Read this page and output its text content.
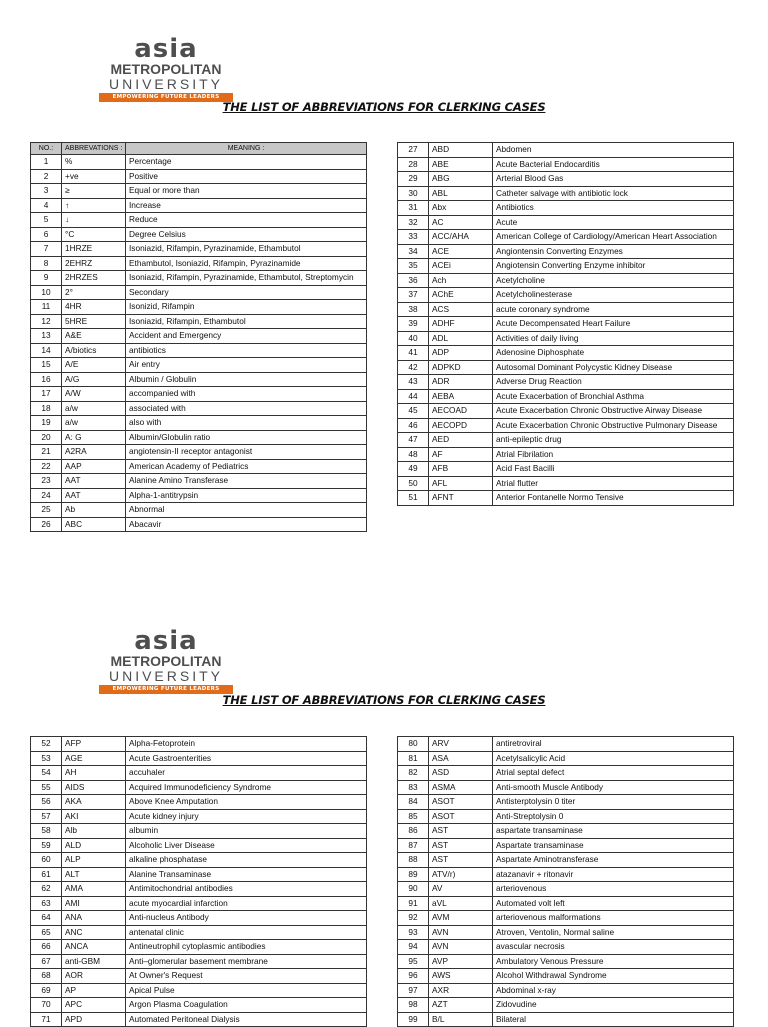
asia
METROPOLITAN
UNIVERSITY
EMPOWERING FUTURE LEADERS
THE LIST OF ABBREVIATIONS FOR CLERKING CASES
NO.:	ABBREVATIONS :	MEANING :
1	%	Percentage
2	+ve	Positive
3	≥	Equal or more than
4	↑	Increase
5	↓	Reduce
6	°C	Degree Celsius
7	1HRZE	Isoniazid, Rifampin, Pyrazinamide, Ethambutol
8	2EHRZ	Ethambutol, Isoniazid, Rifampin, Pyrazinamide
9	2HRZES	Isoniazid, Rifampin, Pyrazinamide, Ethambutol, Streptomycin
10	2°	Secondary
11	4HR	Isonizid, Rifampin
12	5HRE	Isoniazid, Rifampin, Ethambutol
13	A&E	Accident and Emergency
14	A/biotics	antibiotics
15	A/E	Air entry
16	A/G	Albumin / Globulin
17	A/W	accompanied with
18	a/w	associated with
19	a/w	also with
20	A: G	Albumin/Globulin ratio
21	A2RA	angiotensin-II receptor antagonist
22	AAP	American Academy of Pediatrics
23	AAT	Alanine Amino Transferase
24	AAT	Alpha-1-antitrypsin
25	Ab	Abnormal
26	ABC	Abacavir
27	ABD	Abdomen
28	ABE	Acute Bacterial Endocarditis
29	ABG	Arterial Blood Gas
30	ABL	Catheter salvage with antibiotic lock
31	Abx	Antibiotics
32	AC	Acute
33	ACC/AHA	American College of Cardiology/American Heart Association
34	ACE	Angiontensin Converting Enzymes
35	ACEi	Angiotensin Converting Enzyme inhibitor
36	Ach	Acetylcholine
37	AChE	Acetylcholinesterase
38	ACS	acute coronary syndrome
39	ADHF	Acute Decompensated Heart Failure
40	ADL	Activities of daily living
41	ADP	Adenosine Diphosphate
42	ADPKD	Autosomal Dominant Polycystic Kidney Disease
43	ADR	Adverse Drug Reaction
44	AEBA	Acute Exacerbation of Bronchial Asthma
45	AECOAD	Acute Exacerbation Chronic Obstructive Airway Disease
46	AECOPD	Acute Exacerbation Chronic Obstructive Pulmonary Disease
47	AED	anti-epileptic drug
48	AF	Atrial Fibrilation
49	AFB	Acid Fast Bacilli
50	AFL	Atrial flutter
51	AFNT	Anterior Fontanelle Normo Tensive
asia
METROPOLITAN
UNIVERSITY
EMPOWERING FUTURE LEADERS
THE LIST OF ABBREVIATIONS FOR CLERKING CASES
52	AFP	Alpha-Fetoprotein
53	AGE	Acute Gastroenterities
54	AH	accuhaler
55	AIDS	Acquired Immunodeficiency Syndrome
56	AKA	Above Knee Amputation
57	AKI	Acute kidney injury
58	Alb	albumin
59	ALD	Alcoholic Liver Disease
60	ALP	alkaline phosphatase
61	ALT	Alanine Transaminase
62	AMA	Antimitochondrial antibodies
63	AMI	acute myocardial infarction
64	ANA	Anti-nucleus Antibody
65	ANC	antenatal clinic
66	ANCA	Antineutrophil cytoplasmic antibodies
67	anti-GBM	Anti–glomerular basement membrane
68	AOR	At Owner's Request
69	AP	Apical Pulse
70	APC	Argon Plasma Coagulation
71	APD	Automated Peritoneal Dialysis
80	ARV	antiretroviral
81	ASA	Acetylsalicylic Acid
82	ASD	Atrial septal defect
83	ASMA	Anti-smooth Muscle Antibody
84	ASOT	Antisterptolysin 0 titer
85	ASOT	Anti-Streptolysin 0
86	AST	aspartate transaminase
87	AST	Aspartate transaminase
88	AST	Aspartate Aminotransferase
89	ATV/r)	atazanavir + ritonavir
90	AV	arteriovenous
91	aVL	Automated volt left
92	AVM	arteriovenous malformations
93	AVN	Atroven, Ventolin, Normal saline
94	AVN	avascular necrosis
95	AVP	Ambulatory Venous Pressure
96	AWS	Alcohol Withdrawal Syndrome
97	AXR	Abdominal x-ray
98	AZT	Zidovudine
99	B/L	Bilateral
